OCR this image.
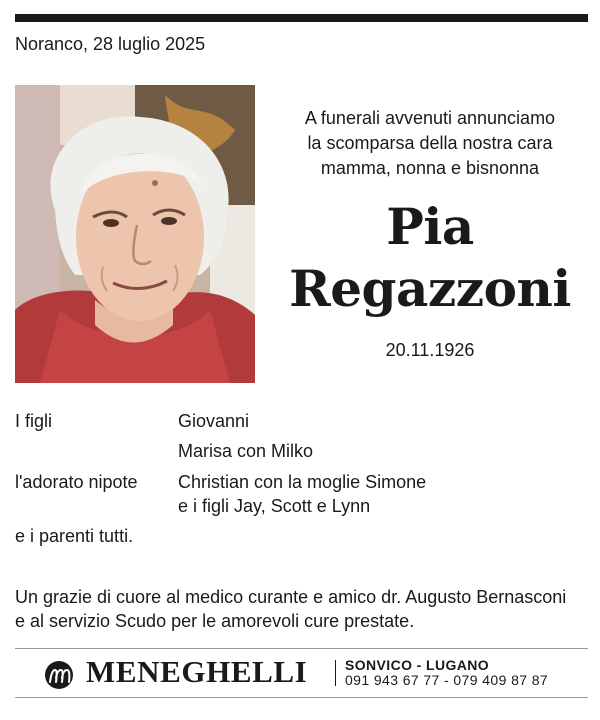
Noranco, 28 luglio 2025
A funerali avvenuti annunciamo
la scomparsa della nostra cara
mamma, nonna e bisnonna
Pia
Regazzoni
20.11.1926
I figli	Giovanni
Marisa con Milko
l'adorato nipote Christian con la moglie Simone
e i figli Jay, Scott e Lynn
e i parenti tutti.
Un grazie di cuore al medico curante e amico dr. Augusto Bernasconi
e al servizio Scudo per le amorevoli cure prestate.
MENEGHELLI	SONVICO - LUGANO
091 943 67 77 - 079 409 87 87
